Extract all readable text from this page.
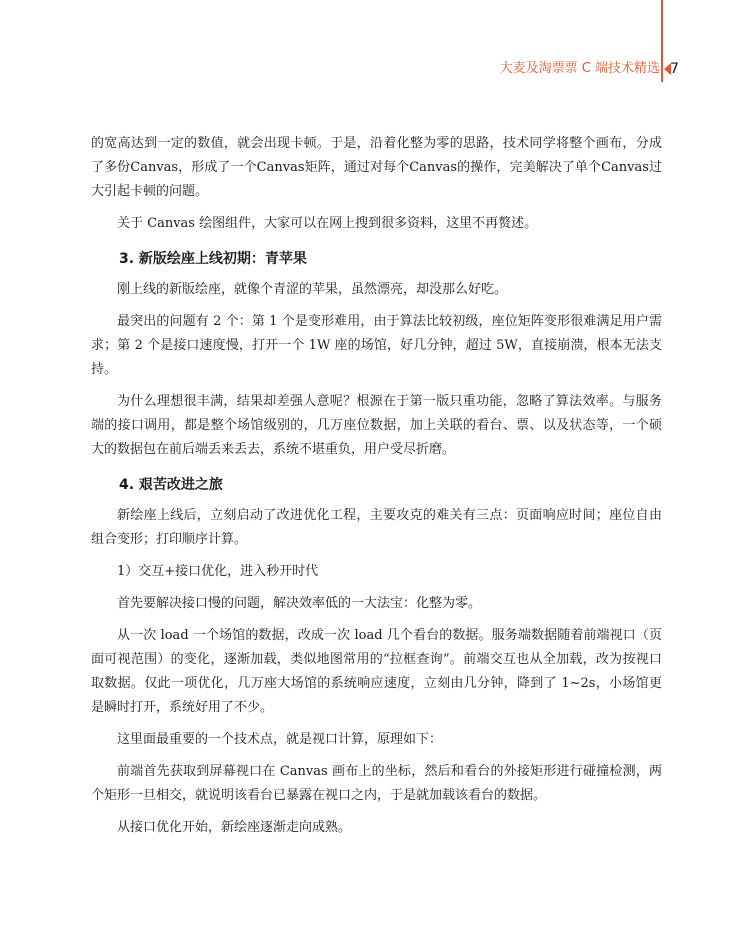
大麦及淘票票 C 端技术精选 7

的宽高达到一定的数值，就会出现卡顿。于是，沿着化整为零的思路，技术同学将整个画布，分成了多份Canvas，形成了一个Canvas矩阵，通过对每个Canvas的操作，完美解决了单个Canvas过大引起卡顿的问题。

关于 Canvas 绘图组件，大家可以在网上搜到很多资料，这里不再赘述。

3. 新版绘座上线初期：青苹果

刚上线的新版绘座，就像个青涩的苹果，虽然漂亮，却没那么好吃。

最突出的问题有 2 个：第 1 个是变形难用，由于算法比较初级，座位矩阵变形很难满足用户需求；第 2 个是接口速度慢，打开一个 1W 座的场馆，好几分钟，超过 5W，直接崩溃，根本无法支持。

为什么理想很丰满，结果却差强人意呢？根源在于第一版只重功能，忽略了算法效率。与服务端的接口调用，都是整个场馆级别的，几万座位数据，加上关联的看台、票、以及状态等，一个硕大的数据包在前后端丢来丢去，系统不堪重负，用户受尽折磨。

4. 艰苦改进之旅

新绘座上线后，立刻启动了改进优化工程，主要攻克的难关有三点：页面响应时间；座位自由组合变形；打印顺序计算。

1）交互+接口优化，进入秒开时代

首先要解决接口慢的问题，解决效率低的一大法宝：化整为零。

从一次 load 一个场馆的数据，改成一次 load 几个看台的数据。服务端数据随着前端视口（页面可视范围）的变化，逐渐加载，类似地图常用的“拉框查询”。前端交互也从全加载，改为按视口取数据。仅此一项优化，几万座大场馆的系统响应速度，立刻由几分钟，降到了 1~2s，小场馆更是瞬时打开，系统好用了不少。

这里面最重要的一个技术点，就是视口计算，原理如下：

前端首先获取到屏幕视口在 Canvas 画布上的坐标，然后和看台的外接矩形进行碰撞检测，两个矩形一旦相交，就说明该看台已暴露在视口之内，于是就加载该看台的数据。

从接口优化开始，新绘座逐渐走向成熟。
